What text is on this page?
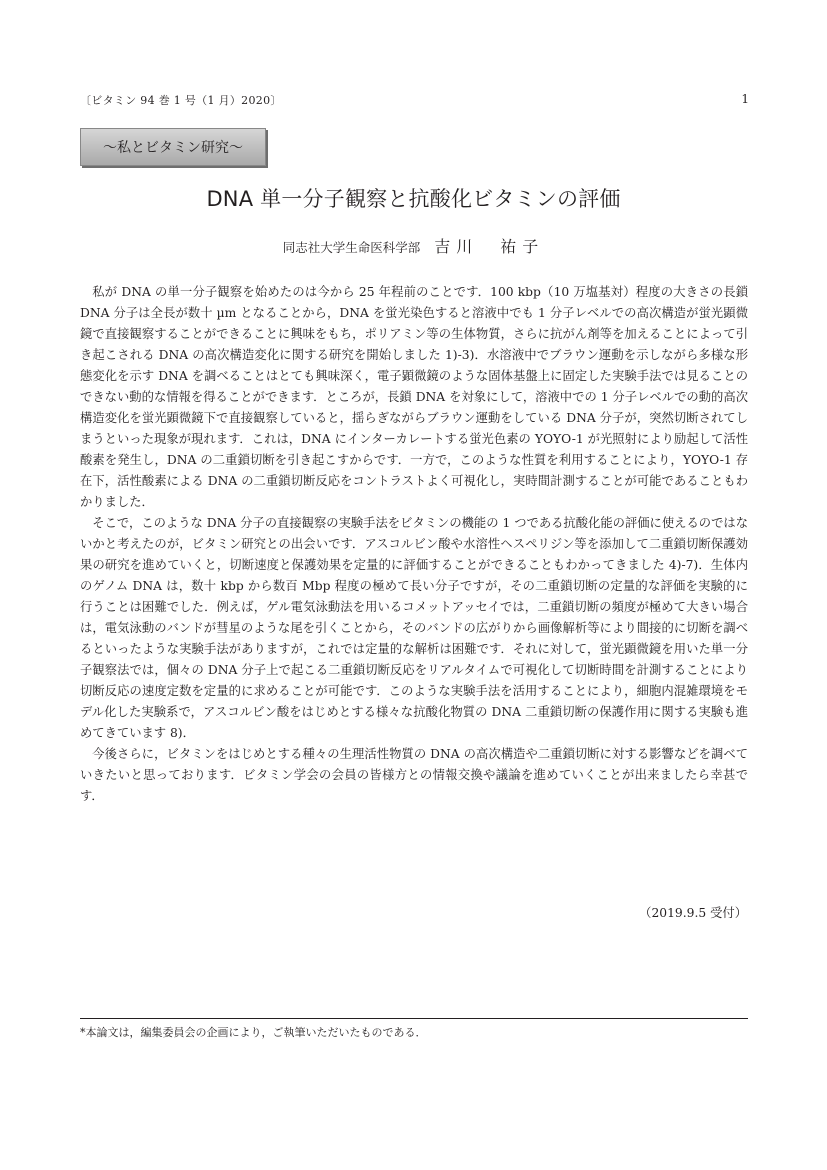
〔ビタミン 94 巻 1 号（1 月）2020〕	1
〜私とビタミン研究〜
DNA 単一分子観察と抗酸化ビタミンの評価
同志社大学生命医科学部 吉川　祐子

私が DNA の単一分子観察を始めたのは今から 25 年程前のことです．100 kbp（10 万塩基対）程度の大きさの長鎖 DNA 分子は全長が数十 µm となることから，DNA を蛍光染色すると溶液中でも 1 分子レベルでの高次構造が蛍光顕微鏡で直接観察することができることに興味をもち，ポリアミン等の生体物質，さらに抗がん剤等を加えることによって引き起こされる DNA の高次構造変化に関する研究を開始しました 1)-3)．水溶液中でブラウン運動を示しながら多様な形態変化を示す DNA を調べることはとても興味深く，電子顕微鏡のような固体基盤上に固定した実験手法では見ることのできない動的な情報を得ることができます．ところが，長鎖 DNA を対象にして，溶液中での 1 分子レベルでの動的高次構造変化を蛍光顕微鏡下で直接観察していると，揺らぎながらブラウン運動をしている DNA 分子が，突然切断されてしまうといった現象が現れます．これは，DNA にインターカレートする蛍光色素の YOYO-1 が光照射により励起して活性酸素を発生し，DNA の二重鎖切断を引き起こすからです．一方で，このような性質を利用することにより，YOYO-1 存在下，活性酸素による DNA の二重鎖切断反応をコントラストよく可視化し，実時間計測することが可能であることもわかりました．

そこで，このような DNA 分子の直接観察の実験手法をビタミンの機能の 1 つである抗酸化能の評価に使えるのではないかと考えたのが，ビタミン研究との出会いです．アスコルビン酸や水溶性ヘスペリジン等を添加して二重鎖切断保護効果の研究を進めていくと，切断速度と保護効果を定量的に評価することができることもわかってきました 4)-7)．生体内のゲノム DNA は，数十 kbp から数百 Mbp 程度の極めて長い分子ですが，その二重鎖切断の定量的な評価を実験的に行うことは困難でした．例えば，ゲル電気泳動法を用いるコメットアッセイでは，二重鎖切断の頻度が極めて大きい場合は，電気泳動のバンドが彗星のような尾を引くことから，そのバンドの広がりから画像解析等により間接的に切断を調べるといったような実験手法がありますが，これでは定量的な解析は困難です．それに対して，蛍光顕微鏡を用いた単一分子観察法では，個々の DNA 分子上で起こる二重鎖切断反応をリアルタイムで可視化して切断時間を計測することにより切断反応の速度定数を定量的に求めることが可能です．このような実験手法を活用することにより，細胞内混雑環境をモデル化した実験系で，アスコルビン酸をはじめとする様々な抗酸化物質の DNA 二重鎖切断の保護作用に関する実験も進めてきています 8)．

今後さらに，ビタミンをはじめとする種々の生理活性物質の DNA の高次構造や二重鎖切断に対する影響などを調べていきたいと思っております．ビタミン学会の会員の皆様方との情報交換や議論を進めていくことが出来ましたら幸甚です．

（2019.9.5 受付）
*本論文は，編集委員会の企画により，ご執筆いただいたものである．
